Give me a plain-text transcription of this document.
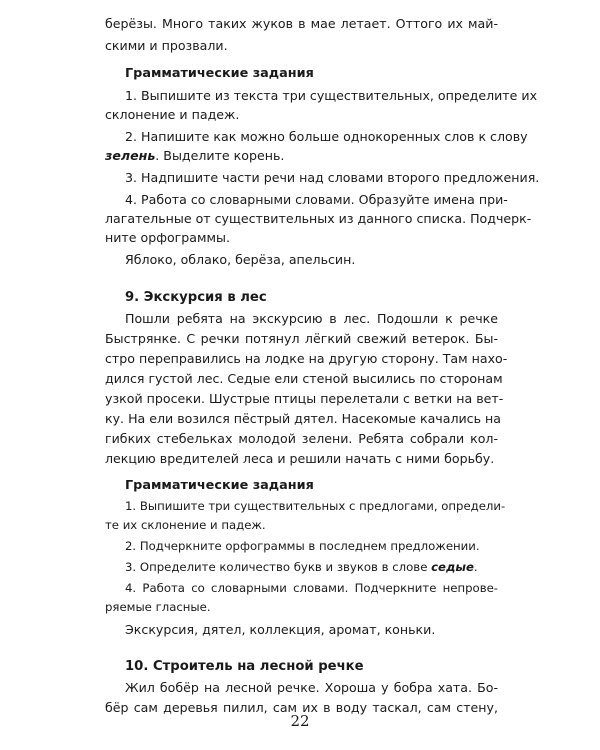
берёзы. Много таких жуков в мае летает. Оттого их май-
скими и прозвали.
Грамматические задания
1. Выпишите из текста три существительных, определите их
склонение и падеж.
2. Напишите как можно больше однокоренных слов к слову
зелень. Выделите корень.
3. Надпишите части речи над словами второго предложения.
4. Работа со словарными словами. Образуйте имена при-
лагательные от существительных из данного списка. Подчерк-
ните орфограммы.
Яблоко, облако, берёза, апельсин.
9. Экскурсия в лес
Пошли ребята на экскурсию в лес. Подошли к речке
Быстрянке. С речки потянул лёгкий свежий ветерок. Бы-
стро переправились на лодке на другую сторону. Там нахо-
дился густой лес. Седые ели стеной высились по сторонам
узкой просеки. Шустрые птицы перелетали с ветки на вет-
ку. На ели возился пёстрый дятел. Насекомые качались на
гибких стебельках молодой зелени. Ребята собрали кол-
лекцию вредителей леса и решили начать с ними борьбу.
Грамматические задания
1. Выпишите три существительных с предлогами, определи-
те их склонение и падеж.
2. Подчеркните орфограммы в последнем предложении.
3. Определите количество букв и звуков в слове седые.
4. Работа со словарными словами. Подчеркните непрове-
ряемые гласные.
Экскурсия, дятел, коллекция, аромат, коньки.
10. Строитель на лесной речке
Жил бобёр на лесной речке. Хороша у бобра хата. Бо-
бёр сам деревья пилил, сам их в воду таскал, сам стену,
22
